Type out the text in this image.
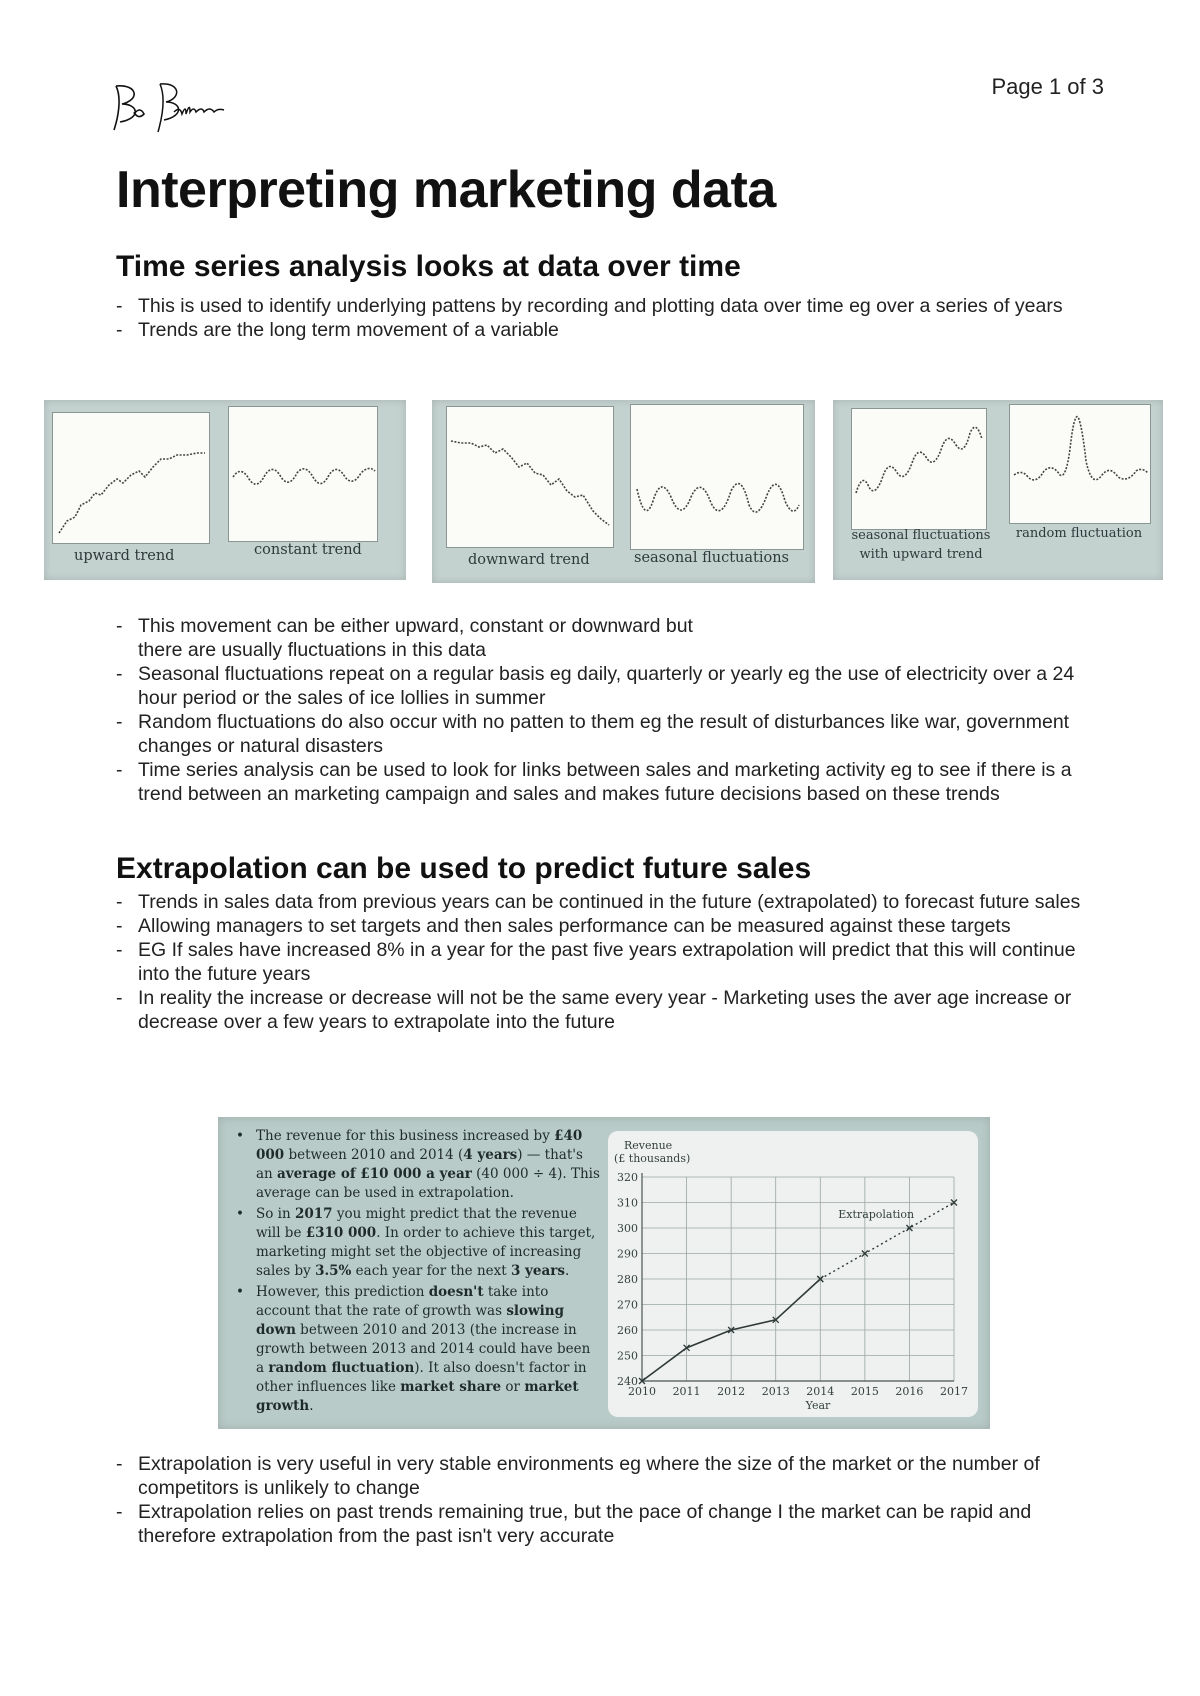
Page 1 of 3
Interpreting marketing data
Time series analysis looks at data over time
- This is used to identify underlying pattens by recording and plotting data over time eg over a series of years
- Trends are the long term movement of a variable
upward trend	constant trend
downward trend	seasonal fluctuations
seasonal fluctuations with upward trend
random fluctuation
- This movement can be either upward, constant or downward but there are usually fluctuations in this data
- Seasonal fluctuations repeat on a regular basis eg daily, quarterly or yearly eg the use of electricity over a 24 hour period or the sales of ice lollies in summer
- Random fluctuations do also occur with no patten to them eg the result of disturbances like war, government changes or natural disasters
- Time series analysis can be used to look for links between sales and marketing activity eg to see if there is a trend between an marketing campaign and sales and makes future decisions based on these trends
Extrapolation can be used to predict future sales
- Trends in sales data from previous years can be continued in the future (extrapolated) to forecast future sales
- Allowing managers to set targets and then sales performance can be measured against these targets
- EG If sales have increased 8% in a year for the past five years extrapolation will predict that this will continue into the future years
- In reality the increase or decrease will not be the same every year - Marketing uses the aver age increase or decrease over a few years to extrapolate into the future
• The revenue for this business increased by £40 000 between 2010 and 2014 (4 years) — that's an average of £10 000 a year (40 000 ÷ 4). This average can be used in extrapolation.
• So in 2017 you might predict that the revenue will be £310 000. In order to achieve this target, marketing might set the objective of increasing sales by 3.5% each year for the next 3 years.
• However, this prediction doesn't take into account that the rate of growth was slowing down between 2010 and 2013 (the increase in growth between 2013 and 2014 could have been a random fluctuation). It also doesn't factor in other influences like market share or market growth.
Revenue (£ thousands)
240
250
260
270
280
290
300
310
320
2010 2011 2012 2013 2014 2015 2016 2017
Year
Extrapolation
- Extrapolation is very useful in very stable environments eg where the size of the market or the number of competitors is unlikely to change
- Extrapolation relies on past trends remaining true, but the pace of change I the market can be rapid and therefore extrapolation from the past isn't very accurate
